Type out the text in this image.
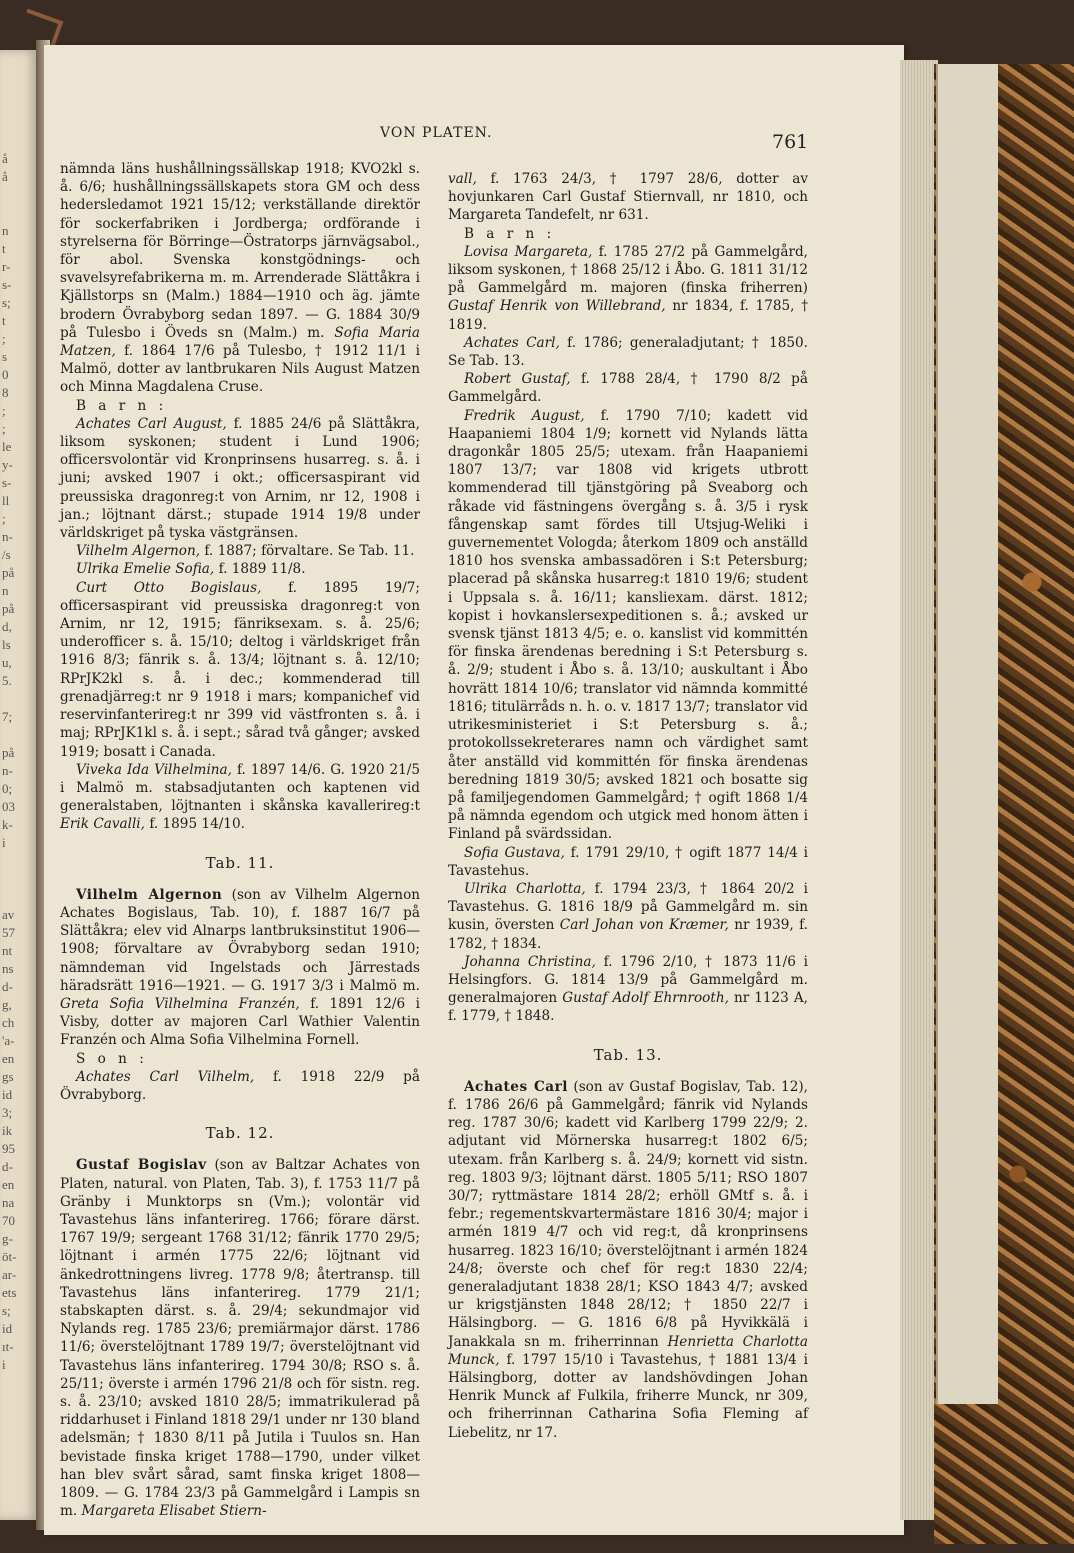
å
å

n
t
r-
s-
s;
t
;
s
0
8
;
;
le
y-
s-
ll
;
n-
/s
på
n
på
d,
ls
u,
5.

7;

på
n-
0;
03
k-
i

av
57
nt
ns
d-
g,
ch
'a-
en
gs
id
3;
ik
95
d-
en
na
70
g-
öt-
ar-
ets
s;
id
ıt-
i
VON PLATEN.	761

nämnda läns hushållningssällskap 1918; KVO2kl s. å. 6/6; hushållningssällskapets stora GM och dess hedersledamot 1921 15/12; verkställande direktör för sockerfabriken i Jordberga; ordförande i styrelserna för Börringe—Östratorps järnvägsabol., för abol. Svenska konstgödnings- och svavelsyrefabrikerna m. m. Arrenderade Slättåkra i Kjällstorps sn (Malm.) 1884—1910 och äg. jämte brodern Övrabyborg sedan 1897. — G. 1884 30/9 på Tulesbo i Öveds sn (Malm.) m. Sofia Maria Matzen, f. 1864 17/6 på Tulesbo, † 1912 11/1 i Malmö, dotter av lantbrukaren Nils August Matzen och Minna Magdalena Cruse.

B a r n :

Achates Carl August, f. 1885 24/6 på Slättåkra, liksom syskonen; student i Lund 1906; officersvolontär vid Kronprinsens husarreg. s. å. i juni; avsked 1907 i okt.; officersaspirant vid preussiska dragonreg:t von Arnim, nr 12, 1908 i jan.; löjtnant därst.; stupade 1914 19/8 under världskriget på tyska västgränsen.

Vilhelm Algernon, f. 1887; förvaltare. Se Tab. 11.

Ulrika Emelie Sofia, f. 1889 11/8.

Curt Otto Bogislaus, f. 1895 19/7; officersaspirant vid preussiska dragonreg:t von Arnim, nr 12, 1915; fänriksexam. s. å. 25/6; underofficer s. å. 15/10; deltog i världskriget från 1916 8/3; fänrik s. å. 13/4; löjtnant s. å. 12/10; RPrJK2kl s. å. i dec.; kommenderad till grenadjärreg:t nr 9 1918 i mars; kompanichef vid reservinfanterireg:t nr 399 vid västfronten s. å. i maj; RPrJK1kl s. å. i sept.; sårad två gånger; avsked 1919; bosatt i Canada.

Viveka Ida Vilhelmina, f. 1897 14/6. G. 1920 21/5 i Malmö m. stabsadjutanten och kaptenen vid generalstaben, löjtnanten i skånska kavallerireg:t Erik Cavalli, f. 1895 14/10.

Tab. 11.

Vilhelm Algernon (son av Vilhelm Algernon Achates Bogislaus, Tab. 10), f. 1887 16/7 på Slättåkra; elev vid Alnarps lantbruksinstitut 1906—1908; förvaltare av Övrabyborg sedan 1910; nämndeman vid Ingelstads och Järrestads häradsrätt 1916—1921. — G. 1917 3/3 i Malmö m. Greta Sofia Vilhelmina Franzén, f. 1891 12/6 i Visby, dotter av majoren Carl Wathier Valentin Franzén och Alma Sofia Vilhelmina Fornell.

S o n :

Achates Carl Vilhelm, f. 1918 22/9 på Övrabyborg.

Tab. 12.

Gustaf Bogislav (son av Baltzar Achates von Platen, natural. von Platen, Tab. 3), f. 1753 11/7 på Gränby i Munktorps sn (Vm.); volontär vid Tavastehus läns infanterireg. 1766; förare därst. 1767 19/9; sergeant 1768 31/12; fänrik 1770 29/5; löjtnant i armén 1775 22/6; löjtnant vid änkedrottningens livreg. 1778 9/8; återtransp. till Tavastehus läns infanterireg. 1779 21/1; stabskapten därst. s. å. 29/4; sekundmajor vid Nylands reg. 1785 23/6; premiärmajor därst. 1786 11/6; överstelöjtnant 1789 19/7; överstelöjtnant vid Tavastehus läns infanterireg. 1794 30/8; RSO s. å. 25/11; överste i armén 1796 21/8 och för sistn. reg. s. å. 23/10; avsked 1810 28/5; immatrikulerad på riddarhuset i Finland 1818 29/1 under nr 130 bland adelsmän; † 1830 8/11 på Jutila i Tuulos sn. Han bevistade finska kriget 1788—1790, under vilket han blev svårt sårad, samt finska kriget 1808—1809. — G. 1784 23/3 på Gammelgård i Lampis sn m. Margareta Elisabet Stiern-

vall, f. 1763 24/3, † 1797 28/6, dotter av hovjunkaren Carl Gustaf Stiernvall, nr 1810, och Margareta Tandefelt, nr 631.

B a r n :

Lovisa Margareta, f. 1785 27/2 på Gammelgård, liksom syskonen, † 1868 25/12 i Åbo. G. 1811 31/12 på Gammelgård m. majoren (finska friherren) Gustaf Henrik von Willebrand, nr 1834, f. 1785, † 1819.

Achates Carl, f. 1786; generaladjutant; † 1850. Se Tab. 13.

Robert Gustaf, f. 1788 28/4, † 1790 8/2 på Gammelgård.

Fredrik August, f. 1790 7/10; kadett vid Haapaniemi 1804 1/9; kornett vid Nylands lätta dragonkår 1805 25/5; utexam. från Haapaniemi 1807 13/7; var 1808 vid krigets utbrott kommenderad till tjänstgöring på Sveaborg och råkade vid fästningens övergång s. å. 3/5 i rysk fångenskap samt fördes till Utsjug-Weliki i guvernementet Vologda; återkom 1809 och anställd 1810 hos svenska ambassadören i S:t Petersburg; placerad på skånska husarreg:t 1810 19/6; student i Uppsala s. å. 16/11; kansliexam. därst. 1812; kopist i hovkanslersexpeditionen s. å.; avsked ur svensk tjänst 1813 4/5; e. o. kanslist vid kommittén för finska ärendenas beredning i S:t Petersburg s. å. 2/9; student i Åbo s. å. 13/10; auskultant i Åbo hovrätt 1814 10/6; translator vid nämnda kommitté 1816; titulärråds n. h. o. v. 1817 13/7; translator vid utrikesministeriet i S:t Petersburg s. å.; protokollssekreterares namn och värdighet samt åter anställd vid kommittén för finska ärendenas beredning 1819 30/5; avsked 1821 och bosatte sig på familjegendomen Gammelgård; † ogift 1868 1/4 på nämnda egendom och utgick med honom ätten i Finland på svärdssidan.

Sofia Gustava, f. 1791 29/10, † ogift 1877 14/4 i Tavastehus.

Ulrika Charlotta, f. 1794 23/3, † 1864 20/2 i Tavastehus. G. 1816 18/9 på Gammelgård m. sin kusin, översten Carl Johan von Kræmer, nr 1939, f. 1782, † 1834.

Johanna Christina, f. 1796 2/10, † 1873 11/6 i Helsingfors. G. 1814 13/9 på Gammelgård m. generalmajoren Gustaf Adolf Ehrnrooth, nr 1123 A, f. 1779, † 1848.

Tab. 13.

Achates Carl (son av Gustaf Bogislav, Tab. 12), f. 1786 26/6 på Gammelgård; fänrik vid Nylands reg. 1787 30/6; kadett vid Karlberg 1799 22/9; 2. adjutant vid Mörnerska husarreg:t 1802 6/5; utexam. från Karlberg s. å. 24/9; kornett vid sistn. reg. 1803 9/3; löjtnant därst. 1805 5/11; RSO 1807 30/7; ryttmästare 1814 28/2; erhöll GMtf s. å. i febr.; regementskvartermästare 1816 30/4; major i armén 1819 4/7 och vid reg:t, då kronprinsens husarreg. 1823 16/10; överstelöjtnant i armén 1824 24/8; överste och chef för reg:t 1830 22/4; generaladjutant 1838 28/1; KSO 1843 4/7; avsked ur krigstjänsten 1848 28/12; † 1850 22/7 i Hälsingborg. — G. 1816 6/8 på Hyvikkälä i Janakkala sn m. friherrinnan Henrietta Charlotta Munck, f. 1797 15/10 i Tavastehus, † 1881 13/4 i Hälsingborg, dotter av landshövdingen Johan Henrik Munck af Fulkila, friherre Munck, nr 309, och friherrinnan Catharina Sofia Fleming af Liebelitz, nr 17.
